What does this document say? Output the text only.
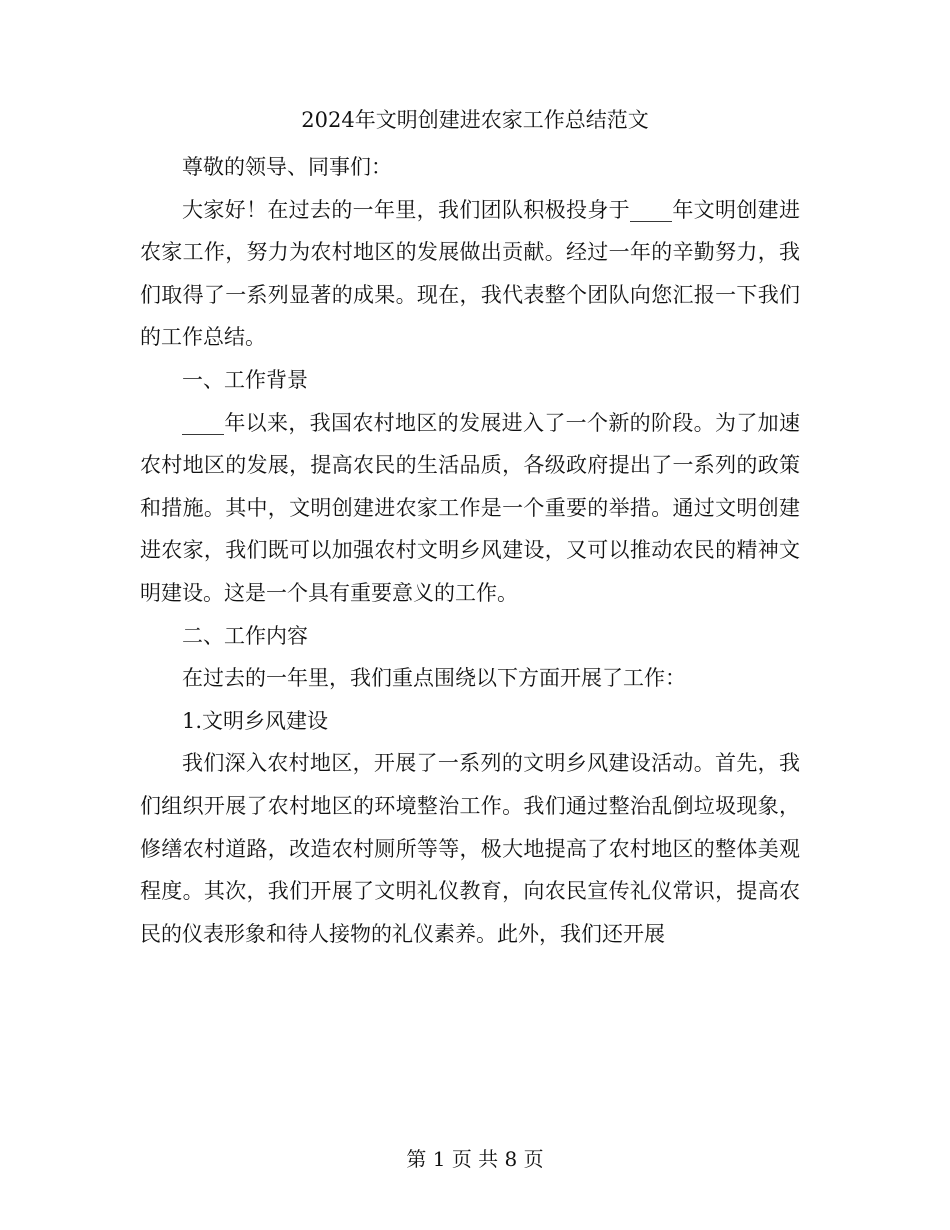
2024年文明创建进农家工作总结范文

尊敬的领导、同事们：

大家好！在过去的一年里，我们团队积极投身于____年文明创建进农家工作，努力为农村地区的发展做出贡献。经过一年的辛勤努力，我们取得了一系列显著的成果。现在，我代表整个团队向您汇报一下我们的工作总结。

一、工作背景

____年以来，我国农村地区的发展进入了一个新的阶段。为了加速农村地区的发展，提高农民的生活品质，各级政府提出了一系列的政策和措施。其中，文明创建进农家工作是一个重要的举措。通过文明创建进农家，我们既可以加强农村文明乡风建设，又可以推动农民的精神文明建设。这是一个具有重要意义的工作。

二、工作内容

在过去的一年里，我们重点围绕以下方面开展了工作：

1.文明乡风建设

我们深入农村地区，开展了一系列的文明乡风建设活动。首先，我们组织开展了农村地区的环境整治工作。我们通过整治乱倒垃圾现象，修缮农村道路，改造农村厕所等等，极大地提高了农村地区的整体美观程度。其次，我们开展了文明礼仪教育，向农民宣传礼仪常识，提高农民的仪表形象和待人接物的礼仪素养。此外，我们还开展

第 1 页 共 8 页
